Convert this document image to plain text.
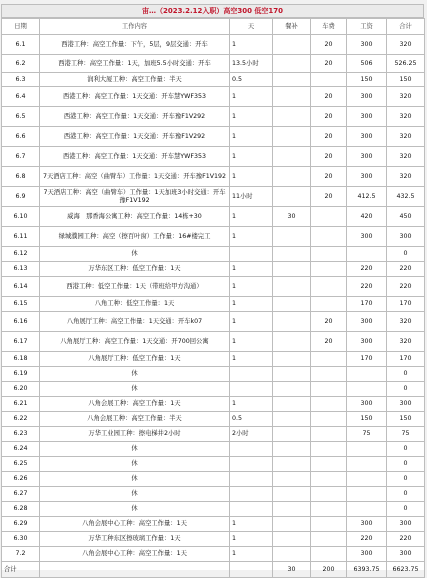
宙…（2023.2.12入职）高空300 低空170
日期	工作内容	天	餐补	车费	工资	合计
6.1	西港工种：高空工作量：下午，5层，9层交通：开车	1		20	300	320
6.2	西港工种：高空工作量：1天，加班5.5小时交通：开车	13.5小时		20	506	526.25
6.3	润利大厦工种：高空工作量：半天	0.5			150	150
6.4	西港工种：高空工作量：1天交通：开车慧YWF353	1		20	300	320
6.5	西港工种：高空工作量：1天交通：开车豫F1V292	1		20	300	320
6.6	西港工种：高空工作量：1天交通：开车豫F1V292	1		20	300	320
6.7	西港工种：高空工作量：1天交通：开车慧YWF353	1		20	300	320
6.8	7天酒店工种：高空（曲臂车）工作量：1天交通：开车豫F1V192	1		20	300	320
6.9	7天酒店工种：高空（曲臂车）工作量：1天加班3小时交通：开车豫F1V192	11小时		20	412.5	432.5
6.10	威海　那香海公寓工种：高空工作量：14栋+30	1	30		420	450
6.11	绿城濮园工种：高空（擦百叶窗）工作量：16#楼完工	1			300	300
6.12	休					0
6.13	万华东区工种：低空工作量：1天	1			220	220
6.14	西港工种：低空工作量：1天（带班给甲方沟通）	1			220	220
6.15	八角工种：低空工作量：1天	1			170	170
6.16	八角展厅工种：高空工作量：1天交通：开车k07	1		20	300	320
6.17	八角展厅工种：高空工作量：1天交通：开700回公寓	1		20	300	320
6.18	八角展厅工种：低空工作量：1天	1			170	170
6.19	休					0
6.20	休					0
6.21	八角会展工种：高空工作量：1天	1			300	300
6.22	八角会展工种：高空工作量：半天	0.5			150	150
6.23	万华工业园工种：擦电梯井2小时	2小时			75	75
6.24	休					0
6.25	休					0
6.26	休					0
6.27	休					0
6.28	休					0
6.29	八角会展中心工种：高空工作量：1天	1			300	300
6.30	万华工种东区擦玻璃工作量：1天	1			220	220
7.2	八角会展中心工种：高空工作量：1天	1			300	300
合计			30	200	6393.75	6623.75
